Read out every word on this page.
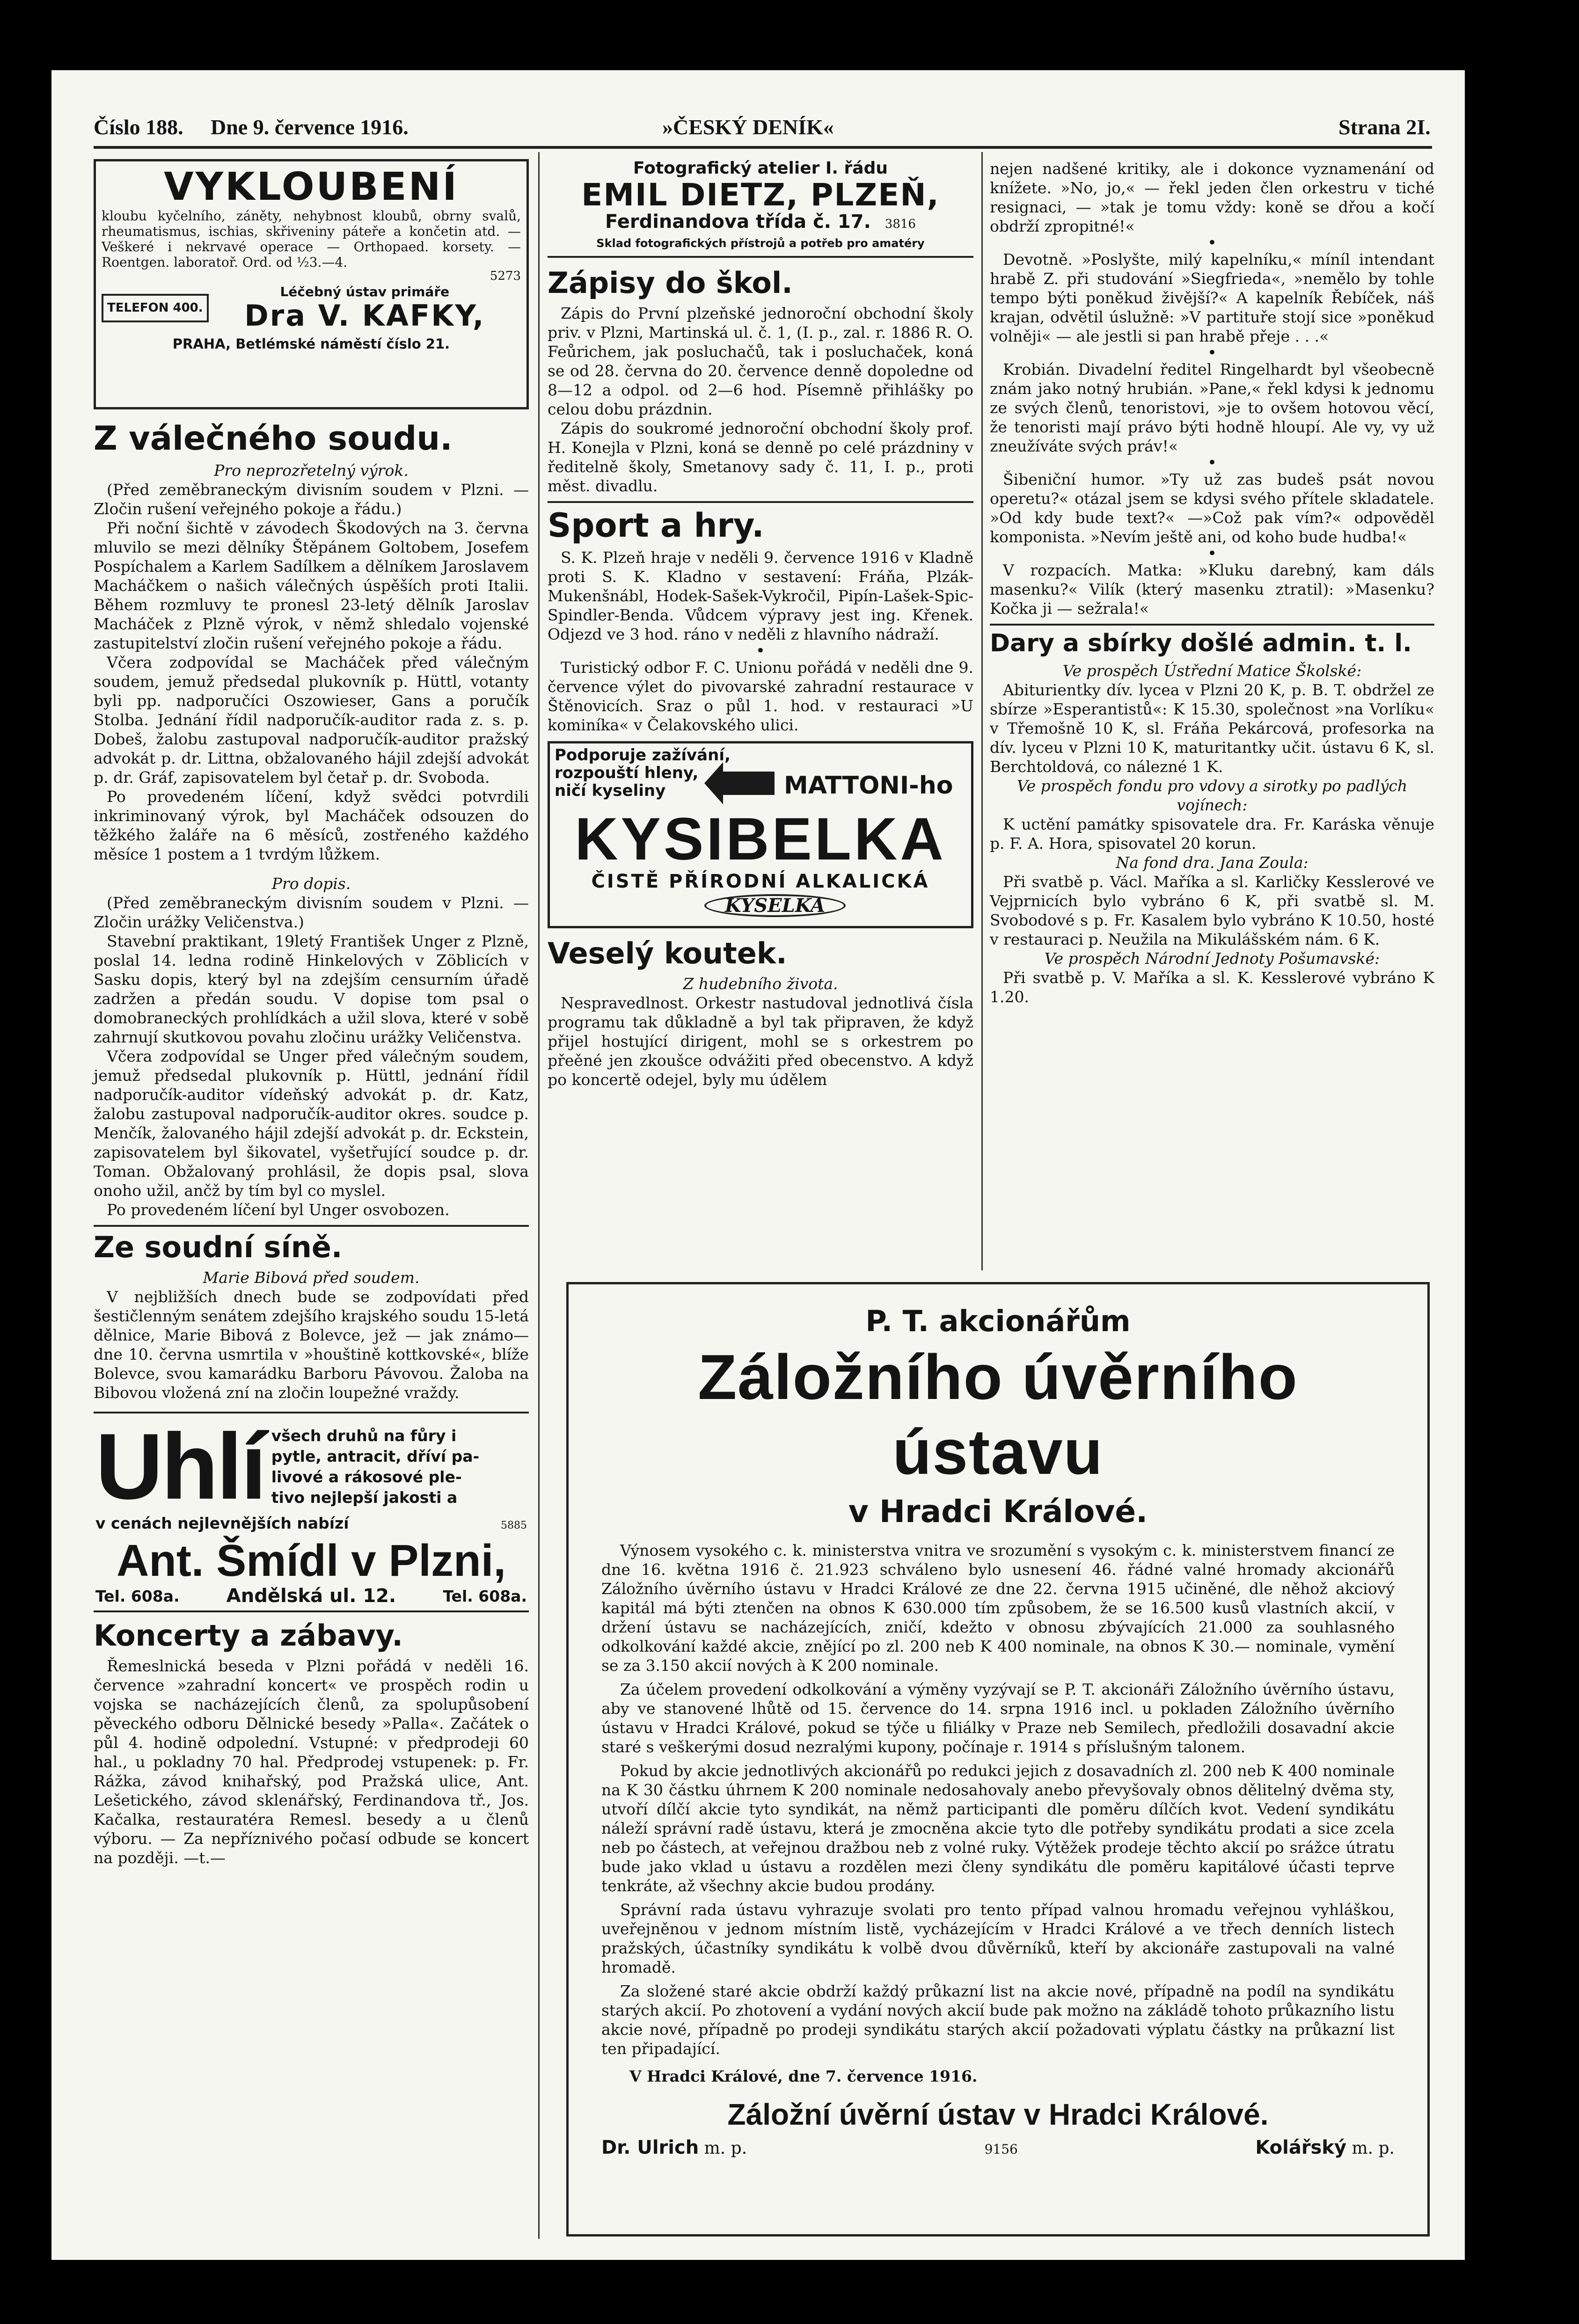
Číslo 188. Dne 9. července 1916.	»ČESKÝ DENÍK«	Strana 2I.
VYKLOUBENÍ
kloubu kyčelního, záněty, nehybnost kloubů, obrny svalů, rheumatismus, ischias, skřiveniny páteře a končetin atd. — Veškeré i nekrvavé operace — Orthopaed. korsety. — Roentgen. laboratoř. Ord. od ½3.—4.
5273
TELEFON 400.
Léčebný ústav primáře
Dra V. KAFKY,
PRAHA, Betlémské náměstí číslo 21.
Z válečného soudu.

Pro neprozřetelný výrok.

(Před zeměbraneckým divisním soudem v Plzni. — Zločin rušení veřejného pokoje a řádu.)

Při noční šichtě v závodech Škodových na 3. června mluvilo se mezi dělníky Štěpánem Goltobem, Josefem Pospíchalem a Karlem Sadílkem a dělníkem Jaroslavem Macháčkem o našich válečných úspěších proti Italii. Během rozmluvy te pronesl 23-letý dělník Jaroslav Macháček z Plzně výrok, v němž shledalo vojenské zastupitelství zločin rušení veřejného pokoje a řádu.

Včera zodpovídal se Macháček před válečným soudem, jemuž předsedal plukovník p. Hüttl, votanty byli pp. nadporučíci Oszowieser, Gans a poručík Stolba. Jednání řídil nadporučík-auditor rada z. s. p. Dobeš, žalobu zastupoval nadporučík-auditor pražský advokát p. dr. Littna, obžalovaného hájil zdejší advokát p. dr. Gráf, zapisovatelem byl četař p. dr. Svoboda.

Po provedeném líčení, když svědci potvrdili inkriminovaný výrok, byl Macháček odsouzen do těžkého žaláře na 6 měsíců, zostřeného každého měsíce 1 postem a 1 tvrdým lůžkem.

Pro dopis.

(Před zeměbraneckým divisním soudem v Plzni. — Zločin urážky Veličenstva.)

Stavební praktikant, 19letý František Unger z Plzně, poslal 14. ledna rodině Hinkelových v Zöblicích v Sasku dopis, který byl na zdejším censurním úřadě zadržen a předán soudu. V dopise tom psal o domobraneckých prohlídkách a užil slova, které v sobě zahrnují skutkovou povahu zločinu urážky Veličenstva.

Včera zodpovídal se Unger před válečným soudem, jemuž předsedal plukovník p. Hüttl, jednání řídil nadporučík-auditor vídeňský advokát p. dr. Katz, žalobu zastupoval nadporučík-auditor okres. soudce p. Menčík, žalovaného hájil zdejší advokát p. dr. Eckstein, zapisovatelem byl šikovatel, vyšetřující soudce p. dr. Toman. Obžalovaný prohlásil, že dopis psal, slova onoho užil, ančž by tím byl co myslel.

Po provedeném líčení byl Unger osvobozen.

Ze soudní síně.

Marie Bibová před soudem.

V nejbližších dnech bude se zodpovídati před šestičlenným senátem zdejšího krajského soudu 15-letá dělnice, Marie Bibová z Bolevce, jež — jak známo— dne 10. června usmrtila v »houštině kottkovské«, blíže Bolevce, svou kamarádku Barboru Pávovou. Žaloba na Bibovou vložená zní na zločin loupežné vraždy.

Uhlí všech druhů na fůry i
pytle, antracit, dříví pa-
livové a rákosové ple-
tivo nejlepší jakosti a
v cenách nejlevnějších nabízí	5885
Ant. Šmídl v Plzni,
Tel. 608a.	Andělská ul. 12.	Tel. 608a.
Koncerty a zábavy.

Řemeslnická beseda v Plzni pořádá v neděli 16. července »zahradní koncert« ve prospěch rodin u vojska se nacházejících členů, za spolupůsobení pěveckého odboru Dělnické besedy »Palla«. Začátek o půl 4. hodině odpolední. Vstupné: v předprodeji 60 hal., u pokladny 70 hal. Předprodej vstupenek: p. Fr. Rážka, závod knihařský, pod Pražská ulice, Ant. Lešetického, závod sklenářský, Ferdinandova tř., Jos. Kačalka, restauratéra Remesl. besedy a u členů výboru. — Za nepříznivého počasí odbude se koncert na později. —t.—

Fotografický atelier I. řádu
EMIL DIETZ, PLZEŇ,
Ferdinandova třída č. 17. 3816
Sklad fotografických přístrojů a potřeb pro amatéry
Zápisy do škol.

Zápis do První plzeňské jednoroční obchodní školy priv. v Plzni, Martinská ul. č. 1, (I. p., zal. r. 1886 R. O. Feůrichem, jak posluchačů, tak i posluchaček, koná se od 28. června do 20. července denně dopoledne od 8—12 a odpol. od 2—6 hod. Písemně přihlášky po celou dobu prázdnin.

Zápis do soukromé jednoroční obchodní školy prof. H. Konejla v Plzni, koná se denně po celé prázdniny v ředitelně školy, Smetanovy sady č. 11, I. p., proti měst. divadlu.

Sport a hry.

S. K. Plzeň hraje v neděli 9. července 1916 v Kladně proti S. K. Kladno v sestavení: Fráňa, Plzák-Mukenšnábl, Hodek-Sašek-Vykročil, Pipín-Lašek-Spic-Spindler-Benda. Vůdcem výpravy jest ing. Křenek. Odjezd ve 3 hod. ráno v neděli z hlavního nádraží.

•

Turistický odbor F. C. Unionu pořádá v neděli dne 9. července výlet do pivovarské zahradní restaurace v Štěnovicích. Sraz o půl 1. hod. v restauraci »U kominíka« v Čelakovského ulici.

Podporuje zažívání,
rozpouští hleny,
ničí kyseliny	MATTONI-ho
KYSIBELKA
ČISTĚ PŘÍRODNÍ ALKALICKÁ
KYSELKA
Veselý koutek.

Z hudebního života.

Nespravedlnost. Orkestr nastudoval jednotlivá čísla programu tak důkladně a byl tak připraven, že když přijel hostující dirigent, mohl se s orkestrem po přeěné jen zkoušce odvážiti před obecenstvo. A když po koncertě odejel, byly mu údělem

nejen nadšené kritiky, ale i dokonce vyznamenání od knížete. »No, jo,« — řekl jeden člen orkestru v tiché resignaci, — »tak je tomu vždy: koně se dřou a kočí obdrží zpropitné!«

•

Devotně. »Poslyšte, milý kapelníku,« míníl intendant hrabě Z. při studování »Siegfrieda«, »nemělo by tohle tempo býti poněkud živější?« A kapelník Řebíček, náš krajan, odvětil úslužně: »V partituře stojí sice »poněkud volněji« — ale jestli si pan hrabě přeje . . .«

•

Krobián. Divadelní ředitel Ringelhardt byl všeobecně znám jako notný hrubián. »Pane,« řekl kdysi k jednomu ze svých členů, tenoristovi, »je to ovšem hotovou věcí, že tenoristi mají právo býti hodně hloupí. Ale vy, vy už zneužíváte svých práv!«

•

Šibeniční humor. »Ty už zas budeš psát novou operetu?« otázal jsem se kdysi svého přítele skladatele. »Od kdy bude text?« —»Což pak vím?« odpověděl komponista. »Nevím ještě ani, od koho bude hudba!«

•

V rozpacích. Matka: »Kluku darebný, kam dáls masenku?« Vilík (který masenku ztratil): »Masenku? Kočka ji — sežrala!«

Dary a sbírky došlé admin. t. l.

Ve prospěch Ústřední Matice Školské:

Abiturientky dív. lycea v Plzni 20 K, p. B. T. obdržel ze sbírze »Esperantistů«: K 15.30, společnost »na Vorlíku« v Třemošně 10 K, sl. Fráňa Pekárcová, profesorka na dív. lyceu v Plzni 10 K, maturitantky učit. ústavu 6 K, sl. Berchtoldová, co nálezné 1 K.

Ve prospěch fondu pro vdovy a sirotky po padlých vojínech:

K uctění památky spisovatele dra. Fr. Karáska věnuje p. F. A. Hora, spisovatel 20 korun.

Na fond dra. Jana Zoula:

Při svatbě p. Václ. Maříka a sl. Karličky Kesslerové ve Vejprnicích bylo vybráno 6 K, při svatbě sl. M. Svobodové s p. Fr. Kasalem bylo vybráno K 10.50, hosté v restauraci p. Neužila na Mikulášském nám. 6 K.

Ve prospěch Národní Jednoty Pošumavské:

Při svatbě p. V. Maříka a sl. K. Kesslerové vybráno K 1.20.

P. T. akcionářům
Záložního úvěrního ústavu
v Hradci Králové.

Výnosem vysokého c. k. ministerstva vnitra ve srozumění s vysokým c. k. ministerstvem financí ze dne 16. května 1916 č. 21.923 schváleno bylo usnesení 46. řádné valné hromady akcionářů Záložního úvěrního ústavu v Hradci Králové ze dne 22. června 1915 učiněné, dle něhož akciový kapitál má býti ztenčen na obnos K 630.000 tím způsobem, že se 16.500 kusů vlastních akcií, v držení ústavu se nacházejících, zničí, kdežto v obnosu zbývajících 21.000 za souhlasného odkolkování každé akcie, znějící po zl. 200 neb K 400 nominale, na obnos K 30.— nominale, vymění se za 3.150 akcií nových à K 200 nominale.

Za účelem provedení odkolkování a výměny vyzývají se P. T. akcionáři Záložního úvěrního ústavu, aby ve stanovené lhůtě od 15. července do 14. srpna 1916 incl. u pokladen Záložního úvěrního ústavu v Hradci Králové, pokud se týče u filiálky v Praze neb Semilech, předložili dosavadní akcie staré s veškerými dosud nezralými kupony, počínaje r. 1914 s příslušným talonem.

Pokud by akcie jednotlivých akcionářů po redukci jejich z dosavadních zl. 200 neb K 400 nominale na K 30 částku úhrnem K 200 nominale nedosahovaly anebo převyšovaly obnos dělitelný dvěma sty, utvoří dílčí akcie tyto syndikát, na němž participanti dle poměru dílčích kvot. Vedení syndikátu náleží správní radě ústavu, která je zmocněna akcie tyto dle potřeby syndikátu prodati a sice zcela neb po částech, at veřejnou dražbou neb z volné ruky. Výtěžek prodeje těchto akcií po srážce útratu bude jako vklad u ústavu a rozdělen mezi členy syndikátu dle poměru kapitálové účasti teprve tenkráte, až všechny akcie budou prodány.

Správní rada ústavu vyhrazuje svolati pro tento případ valnou hromadu veřejnou vyhláškou, uveřejněnou v jednom místním listě, vycházejícím v Hradci Králové a ve třech denních listech pražských, účastníky syndikátu k volbě dvou důvěrníků, kteří by akcionáře zastupovali na valné hromadě.

Za složené staré akcie obdrží každý průkazní list na akcie nové, případně na podíl na syndikátu starých akcií. Po zhotovení a vydání nových akcií bude pak možno na zákládě tohoto průkazního listu akcie nové, případně po prodeji syndikátu starých akcií požadovati výplatu částky na průkazní list ten připadající.

V Hradci Králové, dne 7. července 1916.

Záložní úvěrní ústav v Hradci Králové.
Dr. Ulrich m. p.	9156	Kolářský m. p.
